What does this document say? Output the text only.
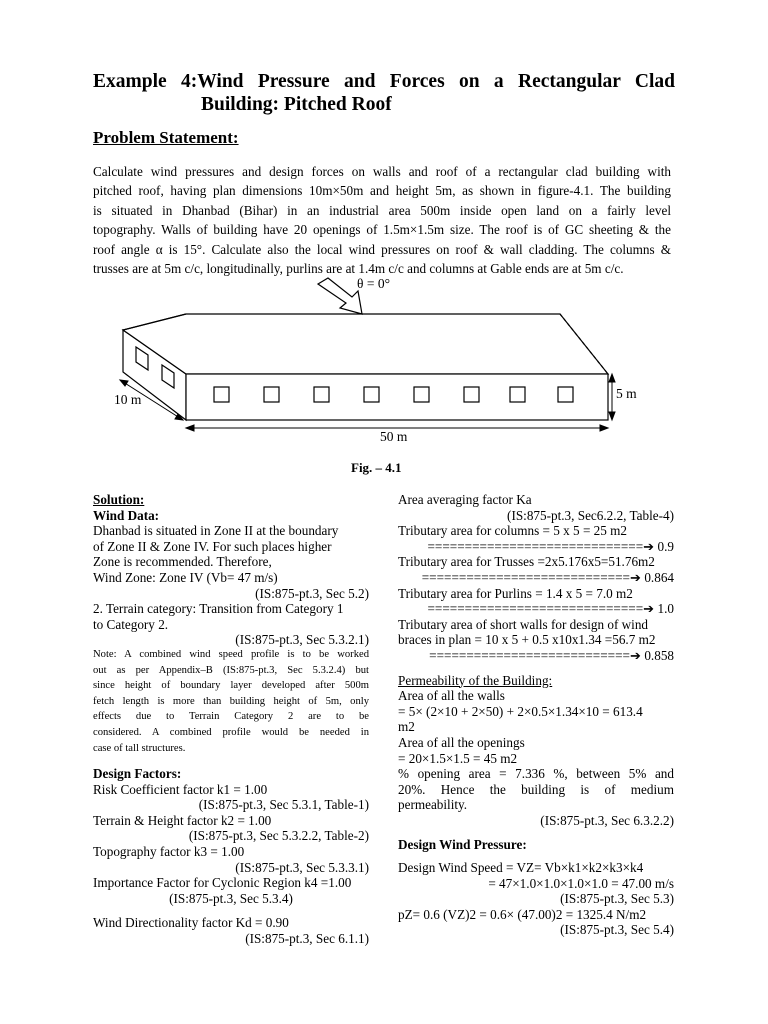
Example 4:Wind Pressure and Forces on a Rectangular Clad
Building: Pitched Roof
Problem Statement:
Calculate wind pressures and design forces on walls and roof of a rectangular clad building with
pitched roof, having plan dimensions 10m×50m and height 5m, as shown in figure-4.1. The building
is situated in Dhanbad (Bihar) in an industrial area 500m inside open land on a fairly level
topography. Walls of building have 20 openings of 1.5m×1.5m size. The roof is of GC sheeting & the
roof angle α is 15°. Calculate also the local wind pressures on roof & wall cladding. The columns &
trusses are at 5m c/c, longitudinally, purlins are at 1.4m c/c and columns at Gable ends are at 5m c/c.
θ = 0°
10 m
50 m
5 m
Fig. – 4.1
Solution:
Wind Data:
Dhanbad is situated in Zone II at the boundary
of Zone II & Zone IV. For such places higher
Zone is recommended. Therefore,
Wind Zone: Zone IV (Vb= 47 m/s)
(IS:875-pt.3, Sec 5.2)
2. Terrain category: Transition from Category 1
to Category 2.
(IS:875-pt.3, Sec 5.3.2.1)
Note: A combined wind speed profile is to be worked
out as per Appendix–B (IS:875-pt.3, Sec 5.3.2.4) but
since height of boundary layer developed after 500m
fetch length is more than building height of 5m, only
effects due to Terrain Category 2 are to be
considered. A combined profile would be needed in
case of tall structures.
Design Factors:
Risk Coefficient factor k1 = 1.00
(IS:875-pt.3, Sec 5.3.1, Table-1)
Terrain & Height factor k2 = 1.00
(IS:875-pt.3, Sec 5.3.2.2, Table-2)
Topography factor k3 = 1.00
(IS:875-pt.3, Sec 5.3.3.1)
Importance Factor for Cyclonic Region k4 =1.00
(IS:875-pt.3, Sec 5.3.4)
Wind Directionality factor Kd = 0.90
(IS:875-pt.3, Sec 6.1.1)
Area averaging factor Ka
(IS:875-pt.3, Sec6.2.2, Table-4)
Tributary area for columns = 5 x 5 = 25 m2
=============================➔ 0.9
Tributary area for Trusses =2x5.176x5=51.76m2
============================➔ 0.864
Tributary area for Purlins = 1.4 x 5 = 7.0 m2
=============================➔ 1.0
Tributary area of short walls for design of wind
braces in plan = 10 x 5 + 0.5 x10x1.34 =56.7 m2
===========================➔ 0.858
Permeability of the Building:
Area of all the walls
= 5× (2×10 + 2×50) + 2×0.5×1.34×10 = 613.4
m2
Area of all the openings
= 20×1.5×1.5 = 45 m2
% opening area = 7.336 %, between 5% and
20%. Hence the building is of medium
permeability.
(IS:875-pt.3, Sec 6.3.2.2)
Design Wind Pressure:
Design Wind Speed = VZ= Vb×k1×k2×k3×k4
= 47×1.0×1.0×1.0×1.0 = 47.00 m/s
(IS:875-pt.3, Sec 5.3)
pZ= 0.6 (VZ)2 = 0.6× (47.00)2 = 1325.4 N/m2
(IS:875-pt.3, Sec 5.4)
